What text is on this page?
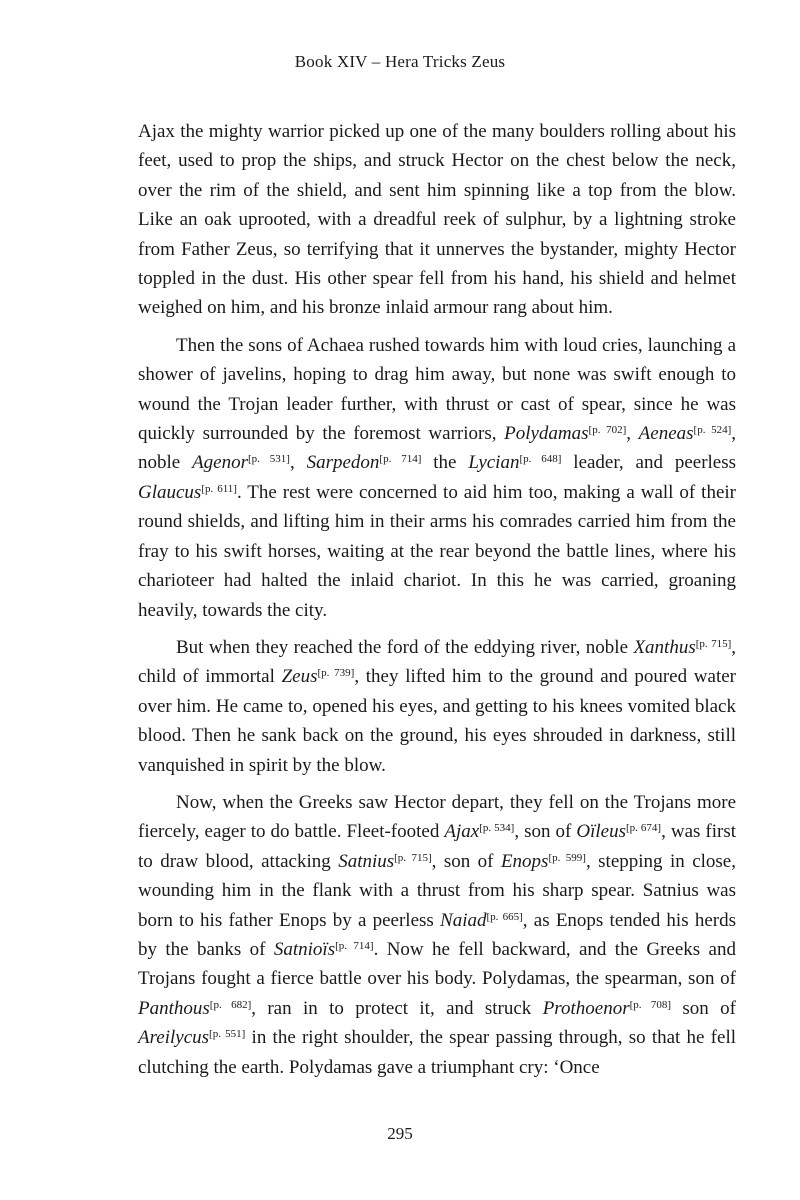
Book XIV – Hera Tricks Zeus

Ajax the mighty warrior picked up one of the many boulders rolling about his feet, used to prop the ships, and struck Hector on the chest below the neck, over the rim of the shield, and sent him spinning like a top from the blow. Like an oak uprooted, with a dreadful reek of sulphur, by a lightning stroke from Father Zeus, so terrifying that it unnerves the bystander, mighty Hector toppled in the dust. His other spear fell from his hand, his shield and helmet weighed on him, and his bronze inlaid armour rang about him.

Then the sons of Achaea rushed towards him with loud cries, launching a shower of javelins, hoping to drag him away, but none was swift enough to wound the Trojan leader further, with thrust or cast of spear, since he was quickly surrounded by the foremost warriors, Polydamas[p. 702], Aeneas[p. 524], noble Agenor[p. 531], Sarpedon[p. 714] the Lycian[p. 648] leader, and peerless Glaucus[p. 611]. The rest were concerned to aid him too, making a wall of their round shields, and lifting him in their arms his comrades carried him from the fray to his swift horses, waiting at the rear beyond the battle lines, where his charioteer had halted the inlaid chariot. In this he was carried, groaning heavily, towards the city.

But when they reached the ford of the eddying river, noble Xanthus[p. 715], child of immortal Zeus[p. 739], they lifted him to the ground and poured water over him. He came to, opened his eyes, and getting to his knees vomited black blood. Then he sank back on the ground, his eyes shrouded in darkness, still vanquished in spirit by the blow.

Now, when the Greeks saw Hector depart, they fell on the Trojans more fiercely, eager to do battle. Fleet-footed Ajax[p. 534], son of Oïleus[p. 674], was first to draw blood, attacking Satnius[p. 715], son of Enops[p. 599], stepping in close, wounding him in the flank with a thrust from his sharp spear. Satnius was born to his father Enops by a peerless Naiad[p. 665], as Enops tended his herds by the banks of Satnioïs[p. 714]. Now he fell backward, and the Greeks and Trojans fought a fierce battle over his body. Polydamas, the spearman, son of Panthous[p. 682], ran in to protect it, and struck Prothoenor[p. 708] son of Areilycus[p. 551] in the right shoulder, the spear passing through, so that he fell clutching the earth. Polydamas gave a triumphant cry: ‘Once

295
